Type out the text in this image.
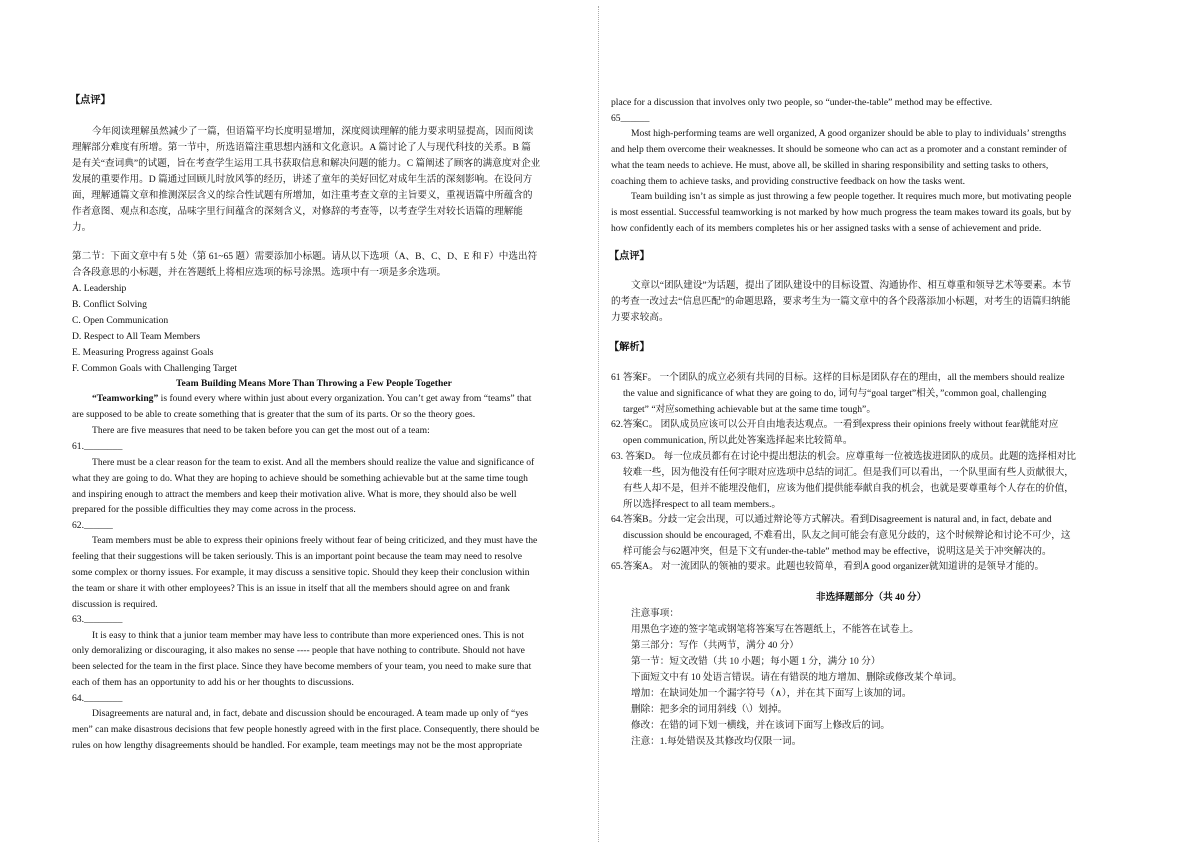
【点评】
今年阅读理解虽然减少了一篇，但语篇平均长度明显增加，深度阅读理解的能力要求明显提高，因而阅读
理解部分难度有所增。第一节中，所选语篇注重思想内涵和文化意识。A 篇讨论了人与现代科技的关系。B 篇
是有关“查词典”的试题，旨在考查学生运用工具书获取信息和解决问题的能力。C 篇阐述了顾客的满意度对企业
发展的重要作用。D 篇通过回顾儿时放风筝的经历，讲述了童年的美好回忆对成年生活的深刻影响。在设问方
面，理解通篇文章和推测深层含义的综合性试题有所增加，如注重考查文章的主旨要义，重视语篇中所蕴含的
作者意图、观点和态度，品味字里行间蕴含的深刻含义，对修辞的考查等，以考查学生对较长语篇的理解能
力。
第二节：下面文章中有 5 处（第 61~65 题）需要添加小标题。请从以下选项（A、B、C、D、E 和 F）中选出符
合各段意思的小标题，并在答题纸上将相应选项的标号涂黑。选项中有一项是多余选项。
A. Leadership
B. Conflict Solving
C. Open Communication
D. Respect to All Team Members
E. Measuring Progress against Goals
F. Common Goals with Challenging Target
Team Building Means More Than Throwing a Few People Together
“Teamworking” is found every where within just about every organization. You can’t get away from “teams” that
are supposed to be able to create something that is greater that the sum of its parts. Or so the theory goes.
There are five measures that need to be taken before you can get the most out of a team:
61.________
There must be a clear reason for the team to exist. And all the members should realize the value and significance of
what they are going to do. What they are hoping to achieve should be something achievable but at the same time tough
and inspiring enough to attract the members and keep their motivation alive. What is more, they should also be well
prepared for the possible difficulties they may come across in the process.
62.______
Team members must be able to express their opinions freely without fear of being criticized, and they must have the
feeling that their suggestions will be taken seriously. This is an important point because the team may need to resolve
some complex or thorny issues. For example, it may discuss a sensitive topic. Should they keep their conclusion within
the team or share it with other employees? This is an issue in itself that all the members should agree on and frank
discussion is required.
63.________
It is easy to think that a junior team member may have less to contribute than more experienced ones. This is not
only demoralizing or discouraging, it also makes no sense ---- people that have nothing to contribute. Should not have
been selected for the team in the first place. Since they have become members of your team, you need to make sure that
each of them has an opportunity to add his or her thoughts to discussions.
64.________
Disagreements are natural and, in fact, debate and discussion should be encouraged. A team made up only of “yes
men” can make disastrous decisions that few people honestly agreed with in the first place. Consequently, there should be
rules on how lengthy disagreements should be handled. For example, team meetings may not be the most appropriate
place for a discussion that involves only two people, so “under-the-table” method may be effective.
65______
Most high-performing teams are well organized, A good organizer should be able to play to individuals’ strengths
and help them overcome their weaknesses. It should be someone who can act as a promoter and a constant reminder of
what the team needs to achieve. He must, above all, be skilled in sharing responsibility and setting tasks to others,
coaching them to achieve tasks, and providing constructive feedback on how the tasks went.
Team building isn’t as simple as just throwing a few people together. It requires much more, but motivating people
is most essential. Successful teamworking is not marked by how much progress the team makes toward its goals, but by
how confidently each of its members completes his or her assigned tasks with a sense of achievement and pride.
【点评】
文章以“团队建设”为话题，提出了团队建设中的目标设置、沟通协作、相互尊重和领导艺术等要素。本节
的考查一改过去“信息匹配”的命题思路，要求考生为一篇文章中的各个段落添加小标题，对考生的语篇归纳能
力要求较高。
【解析】
61 答案F。 一个团队的成立必须有共同的目标。这样的目标是团队存在的理由，all the members should realize
the value and significance of what they are going to do, 词句与“goal target”相关，”common goal, challenging
target” “对应something achievable but at the same time tough”。
62.答案C。 团队成员应该可以公开自由地表达观点。一看到express their opinions freely without fear就能对应
open communication, 所以此处答案选择起来比较简单。
63. 答案D。 每一位成员都有在讨论中提出想法的机会。应尊重每一位被选拔进团队的成员。此题的选择相对比
较难一些，因为他没有任何字眼对应选项中总结的词汇。但是我们可以看出，一个队里面有些人贡献很大，
有些人却不是，但并不能埋没他们，应该为他们提供能奉献自我的机会，也就是要尊重每个人存在的价值，
所以选择respect to all team members.。
64.答案B。分歧一定会出现，可以通过辩论等方式解决。看到Disagreement is natural and, in fact, debate and
discussion should be encouraged, 不难看出，队友之间可能会有意见分歧的，这个时候辩论和讨论不可少，这
样可能会与62题冲突，但是下文有under-the-table” method may be effective，说明这是关于冲突解决的。
65.答案A。 对一流团队的领袖的要求。此题也较简单，看到A good organizer就知道讲的是领导才能的。
非选择题部分（共 40 分）
注意事项：
用黑色字迹的签字笔或钢笔将答案写在答题纸上，不能答在试卷上。
第三部分：写作（共两节，满分 40 分）
第一节：短文改错（共 10 小题；每小题 1 分，满分 10 分）
下面短文中有 10 处语言错误。请在有错误的地方增加、删除或修改某个单词。
增加：在缺词处加一个漏字符号（∧），并在其下面写上该加的词。
删除：把多余的词用斜线（\）划掉。
修改：在错的词下划一横线，并在该词下面写上修改后的词。
注意：1.每处错误及其修改均仅限一词。
